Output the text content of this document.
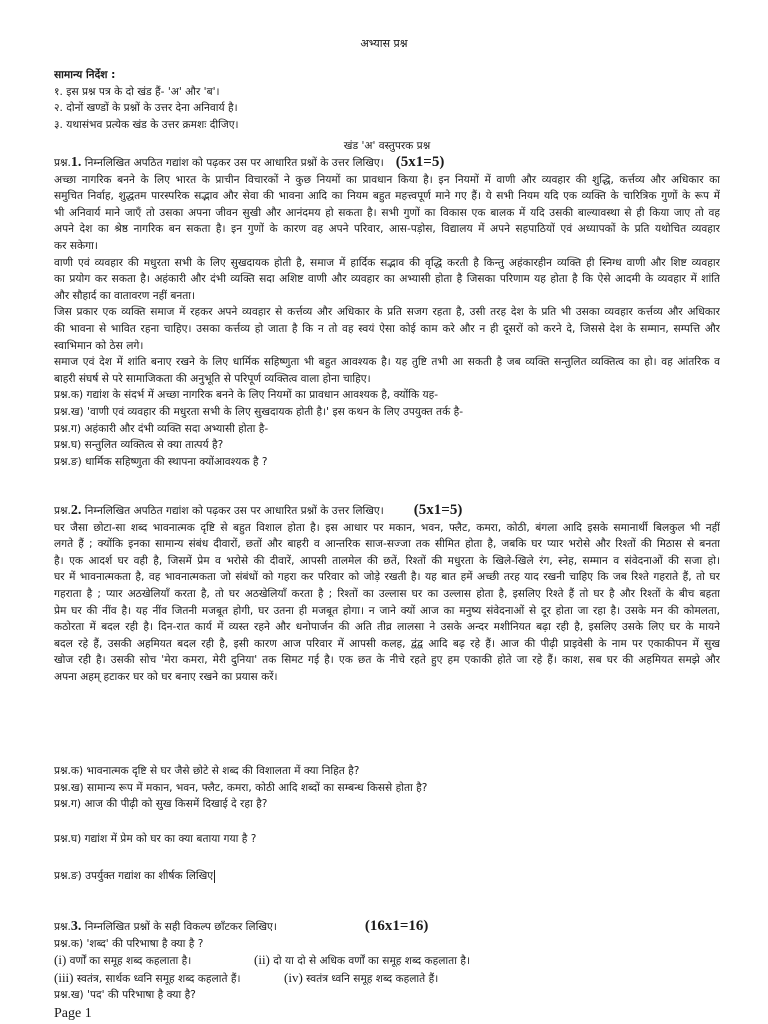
अभ्यास प्रश्न
सामान्य निर्देश :
१. इस प्रश्न पत्र के दो खंड हैं- 'अ' और 'ब'।
२. दोनों खण्डों के प्रश्नों के उत्तर देना अनिवार्य है।
३. यथासंभव प्रत्येक खंड के उत्तर क्रमशः दीजिए।
खंड 'अ' वस्तुपरक प्रश्न
प्रश्न.1. निम्नलिखित अपठित गद्यांश को पढ़कर उस पर आधारित प्रश्नों के उत्तर लिखिए। (5x1=5)
अच्छा नागरिक बनने के लिए भारत के प्राचीन विचारकों ने कुछ नियमों का प्रावधान किया है। इन नियमों में वाणी और व्यवहार की शुद्धि, कर्त्तव्य और अधिकार का
समुचित निर्वाह, शुद्धतम पारस्परिक सद्भाव और सेवा की भावना आदि का नियम बहुत महत्त्वपूर्ण माने गए हैं। ये सभी नियम यदि एक व्यक्ति के चारित्रिक गुणों के रूप में
भी अनिवार्य माने जाएँ तो उसका अपना जीवन सुखी और आनंदमय हो सकता है। सभी गुणों का विकास एक बालक में यदि उसकी बाल्यावस्था से ही किया जाए तो वह
अपने देश का श्रेष्ठ नागरिक बन सकता है। इन गुणों के कारण वह अपने परिवार, आस-पड़ोस, विद्यालय में अपने सहपाठियों एवं अध्यापकों के प्रति यथोचित व्यवहार
कर सकेगा।
वाणी एवं व्यवहार की मधुरता सभी के लिए सुखदायक होती है, समाज में हार्दिक सद्भाव की वृद्धि करती है किन्तु अहंकारहीन व्यक्ति ही स्निग्ध वाणी और शिष्ट व्यवहार
का प्रयोग कर सकता है। अहंकारी और दंभी व्यक्ति सदा अशिष्ट वाणी और व्यवहार का अभ्यासी होता है जिसका परिणाम यह होता है कि ऐसे आदमी के व्यवहार में शांति
और सौहार्द का वातावरण नहीं बनता।
जिस प्रकार एक व्यक्ति समाज में रहकर अपने व्यवहार से कर्त्तव्य और अधिकार के प्रति सजग रहता है, उसी तरह देश के प्रति भी उसका व्यवहार कर्त्तव्य और अधिकार
की भावना से भावित रहना चाहिए। उसका कर्त्तव्य हो जाता है कि न तो वह स्वयं ऐसा कोई काम करे और न ही दूसरों को करने दे, जिससे देश के सम्मान, सम्पत्ति और
स्वाभिमान को ठेस लगे।
समाज एवं देश में शांति बनाए रखने के लिए धार्मिक सहिष्णुता भी बहुत आवश्यक है। यह तुष्टि तभी आ सकती है जब व्यक्ति सन्तुलित व्यक्तित्व का हो। वह आंतरिक व
बाहरी संघर्ष से परे सामाजिकता की अनुभूति से परिपूर्ण व्यक्तित्व वाला होना चाहिए।
प्रश्न.क) गद्यांश के संदर्भ में अच्छा नागरिक बनने के लिए नियमों का प्रावधान आवश्यक है, क्योंकि यह-
प्रश्न.ख) 'वाणी एवं व्यवहार की मधुरता सभी के लिए सुखदायक होती है।' इस कथन के लिए उपयुक्त तर्क है-
प्रश्न.ग) अहंकारी और दंभी व्यक्ति सदा अभ्यासी होता है-
प्रश्न.घ) सन्तुलित व्यक्तित्व से क्या तात्पर्य है?
प्रश्न.ङ) धार्मिक सहिष्णुता की स्थापना क्योंआवश्यक है ?
प्रश्न.2. निम्नलिखित अपठित गद्यांश को पढ़कर उस पर आधारित प्रश्नों के उत्तर लिखिए। (5x1=5)
घर जैसा छोटा-सा शब्द भावनात्मक दृष्टि से बहुत विशाल होता है। इस आधार पर मकान, भवन, फ्लैट, कमरा, कोठी, बंगला आदि इसके समानार्थी बिलकुल भी नहीं
लगते हैं ; क्योंकि इनका सामान्य संबंध दीवारों, छतों और बाहरी व आन्तरिक साज-सज्जा तक सीमित होता है, जबकि घर प्यार भरोसे और रिश्तों की मिठास से बनता
है। एक आदर्श घर वही है, जिसमें प्रेम व भरोसे की दीवारें, आपसी तालमेल की छतें, रिश्तों की मधुरता के खिले-खिले रंग, स्नेह, सम्मान व संवेदनाओं की सजा हो।
घर में भावनात्मकता है, वह भावनात्मकता जो संबंधों को गहरा कर परिवार को जोड़े रखती है। यह बात हमें अच्छी तरह याद रखनी चाहिए कि जब रिश्ते गहराते हैं, तो घर
गहराता है ; प्यार अठखेलियाँ करता है, तो घर अठखेलियाँ करता है ; रिश्तों का उल्लास घर का उल्लास होता है, इसलिए रिश्ते हैं तो घर है और रिश्तों के बीच बहता
प्रेम घर की नींव है। यह नींव जितनी मजबूत होगी, घर उतना ही मजबूत होगा। न जाने क्यों आज का मनुष्य संवेदनाओं से दूर होता जा रहा है। उसके मन की कोमलता,
कठोरता में बदल रही है। दिन-रात कार्य में व्यस्त रहने और धनोपार्जन की अति तीव्र लालसा ने उसके अन्दर मशीनियत बढ़ा रही है, इसलिए उसके लिए घर के मायने
बदल रहे हैं, उसकी अहमियत बदल रही है, इसी कारण आज परिवार में आपसी कलह, द्वंद्व आदि बढ़ रहे हैं। आज की पीढ़ी प्राइवेसी के नाम पर एकाकीपन में सुख
खोज रही है। उसकी सोच 'मेरा कमरा, मेरी दुनिया' तक सिमट गई है। एक छत के नीचे रहते हुए हम एकाकी होते जा रहे हैं। काश, सब घर की अहमियत समझे और
अपना अहम् हटाकर घर को घर बनाए रखने का प्रयास करें।
प्रश्न.क) भावनात्मक दृष्टि से घर जैसे छोटे से शब्द की विशालता में क्या निहित है?
प्रश्न.ख) सामान्य रूप में मकान, भवन, फ्लैट, कमरा, कोठी आदि शब्दों का सम्बन्ध किससे होता है?
प्रश्न.ग) आज की पीढ़ी को सुख किसमें दिखाई दे रहा है?
प्रश्न.घ) गद्यांश में प्रेम को घर का क्या बताया गया है ?
प्रश्न.ङ) उपर्युक्त गद्यांश का शीर्षक लिखिए
प्रश्न.3. निम्नलिखित प्रश्नों के सही विकल्प छाँटकर लिखिए।	(16x1=16)
प्रश्न.क) 'शब्द' की परिभाषा है क्या है ?
(i) वर्णों का समूह शब्द कहलाता है।	(ii) दो या दो से अधिक वर्णों का समूह शब्द कहलाता है।
(iii) स्वतंत्र, सार्थक ध्वनि समूह शब्द कहलाते हैं।	(iv) स्वतंत्र ध्वनि समूह शब्द कहलाते हैं।
प्रश्न.ख) 'पद' की परिभाषा है क्या है?
Page 1
